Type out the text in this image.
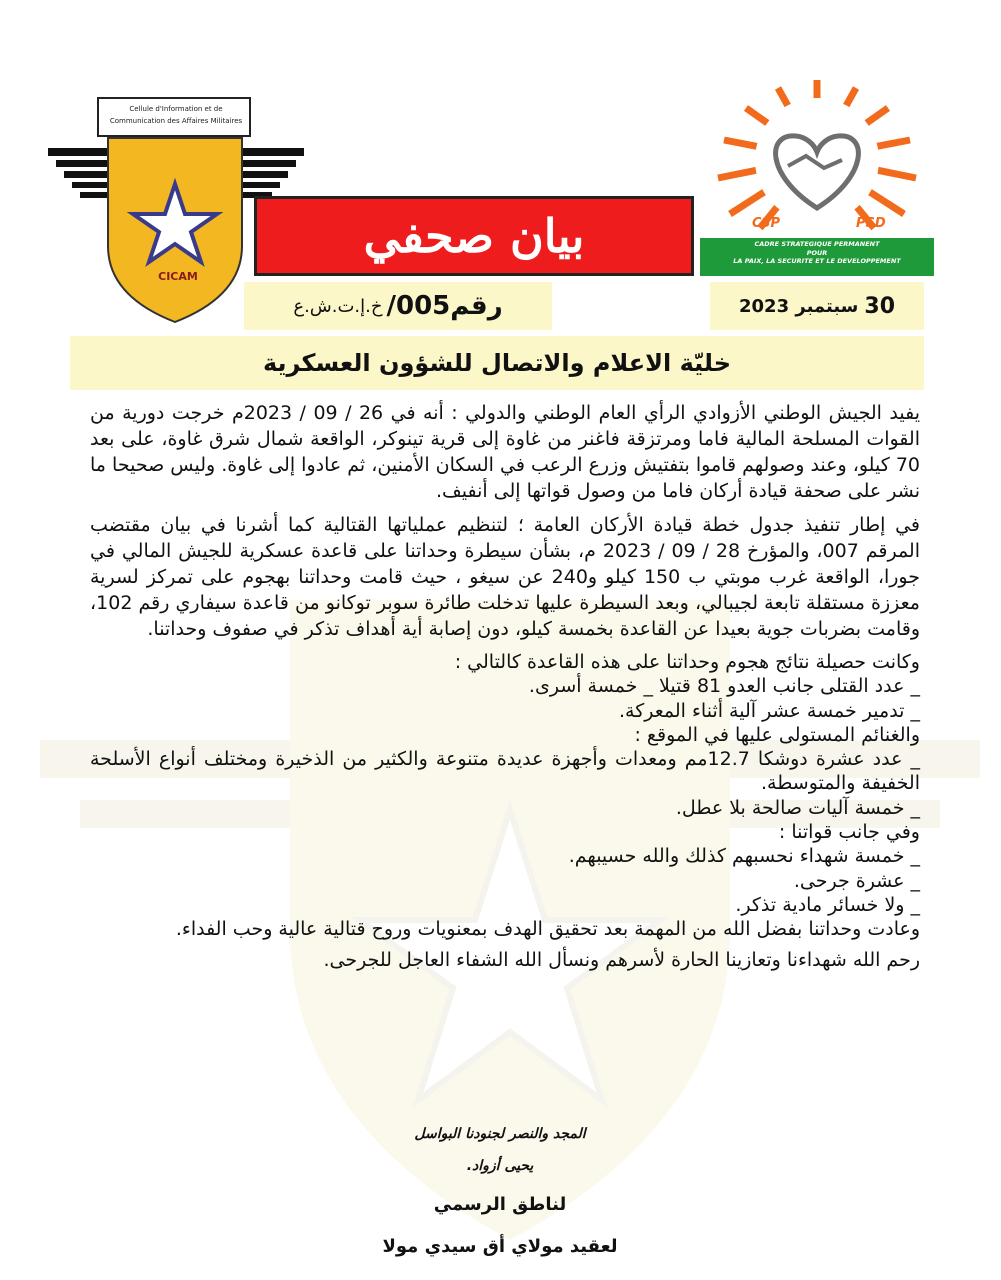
Cellule d'Information et de Communication des Affaires Militaires
CICAM
CSP	PSD
CADRE STRATEGIQUE PERMANENT
POUR
LA PAIX, LA SECURITE ET LE DEVELOPPEMENT
بيان صحفي
رقم005/
خ.إ.ت.ش.ع	30
سبتمبر 2023
خليّة الاعلام والاتصال للشؤون العسكرية

يفيد الجيش الوطني الأزوادي الرأي العام الوطني والدولي : أنه في 26 / 09 / 2023م خرجت دورية من القوات المسلحة المالية فاما ومرتزقة فاغنر من غاوة إلى قرية تينوكر، الواقعة شمال شرق غاوة، على بعد 70 كيلو، وعند وصولهم قاموا بتفتيش وزرع الرعب في السكان الأمنين، ثم عادوا إلى غاوة. وليس صحيحا ما نشر على صحفة قيادة أركان فاما من وصول قواتها إلى أنفيف.

في إطار تنفيذ جدول خطة قيادة الأركان العامة ؛ لتنظيم عملياتها القتالية كما أشرنا في بيان مقتضب المرقم 007، والمؤرخ 28 / 09 / 2023 م، بشأن سيطرة وحداتنا على قاعدة عسكرية للجيش المالي في جورا، الواقعة غرب موبتي ب 150 كيلو و240 عن سيغو ، حيث قامت وحداتنا بهجوم على تمركز لسرية معززة مستقلة تابعة لجيبالي، وبعد السيطرة عليها تدخلت طائرة سوبر توكانو من قاعدة سيفاري رقم 102، وقامت بضربات جوية بعيدا عن القاعدة بخمسة كيلو، دون إصابة أية أهداف تذكر في صفوف وحداتنا.

وكانت حصيلة نتائج هجوم وحداتنا على هذه القاعدة كالتالي :

_ عدد القتلى جانب العدو 81 قتيلا _ خمسة أسرى.

_ تدمير خمسة عشر آلية أثناء المعركة.

والغنائم المستولى عليها في الموقع :

_ عدد عشرة دوشكا 12.7مم ومعدات وأجهزة عديدة متنوعة والكثير من الذخيرة ومختلف أنواع الأسلحة الخفيفة والمتوسطة.

_ خمسة آليات صالحة بلا عطل.

وفي جانب قواتنا :

_ خمسة شهداء نحسبهم كذلك والله حسيبهم.

_ عشرة جرحى.

_ ولا خسائر مادية تذكر.

وعادت وحداتنا بفضل الله من المهمة بعد تحقيق الهدف بمعنويات وروح قتالية عالية وحب الفداء.

رحم الله شهداءنا وتعازينا الحارة لأسرهم ونسأل الله الشفاء العاجل للجرحى.

المجد والنصر لجنودنا البواسل
يحيى أزواد.
لناطق الرسمي
لعقيد مولاي أق سيدي مولا
